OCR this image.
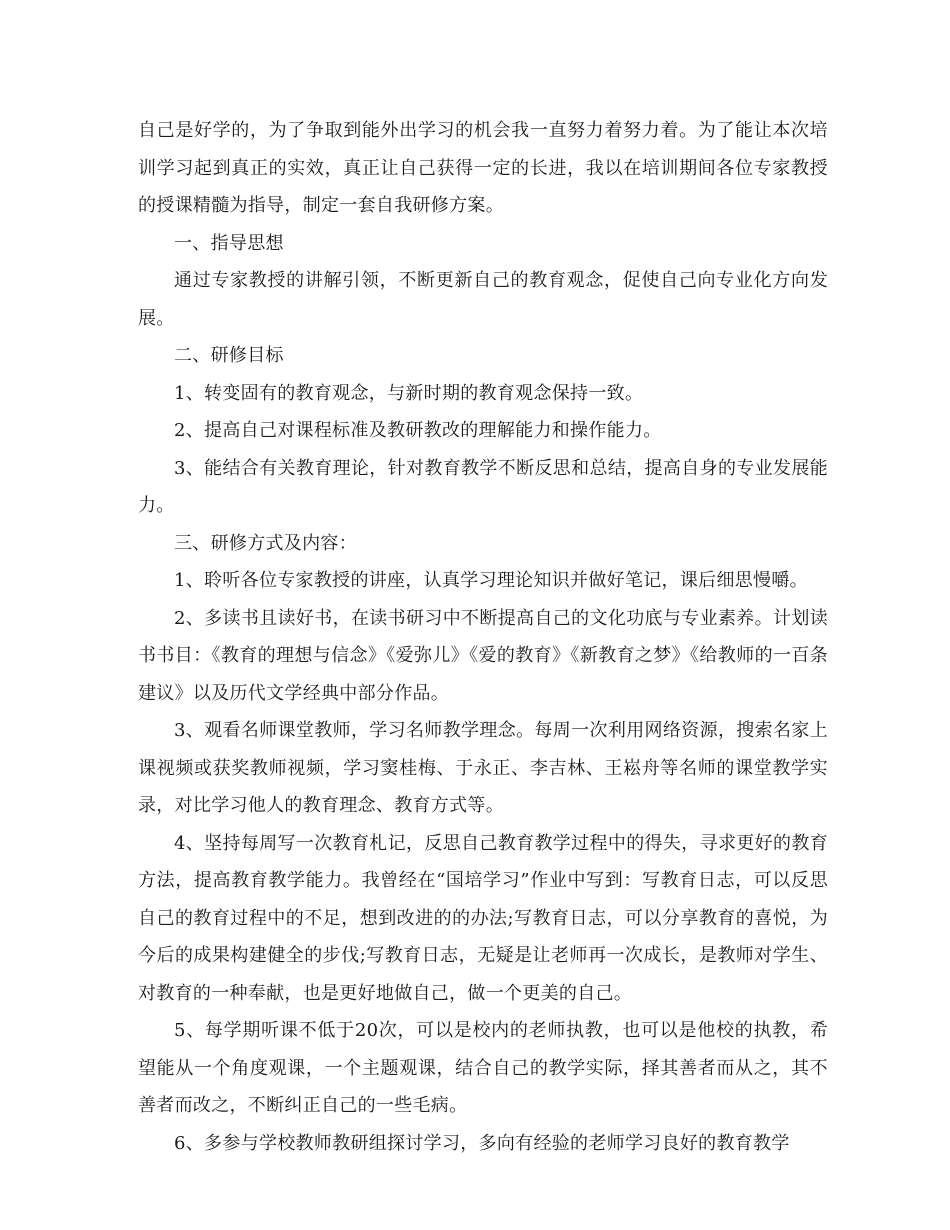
自己是好学的，为了争取到能外出学习的机会我一直努力着努力着。为了能让本次培训学习起到真正的实效，真正让自己获得一定的长进，我以在培训期间各位专家教授的授课精髓为指导，制定一套自我研修方案。

一、指导思想

通过专家教授的讲解引领，不断更新自己的教育观念，促使自己向专业化方向发展。

二、研修目标

1、转变固有的教育观念，与新时期的教育观念保持一致。

2、提高自己对课程标准及教研教改的理解能力和操作能力。

3、能结合有关教育理论，针对教育教学不断反思和总结，提高自身的专业发展能力。

三、研修方式及内容：

1、聆听各位专家教授的讲座，认真学习理论知识并做好笔记，课后细思慢嚼。

2、多读书且读好书，在读书研习中不断提高自己的文化功底与专业素养。计划读书书目：《教育的理想与信念》《爱弥儿》《爱的教育》《新教育之梦》《给教师的一百条建议》以及历代文学经典中部分作品。

3、观看名师课堂教师，学习名师教学理念。每周一次利用网络资源，搜索名家上课视频或获奖教师视频，学习窦桂梅、于永正、李吉林、王崧舟等名师的课堂教学实录，对比学习他人的教育理念、教育方式等。

4、坚持每周写一次教育札记，反思自己教育教学过程中的得失，寻求更好的教育方法，提高教育教学能力。我曾经在“国培学习”作业中写到：写教育日志，可以反思自己的教育过程中的不足，想到改进的的办法;写教育日志，可以分享教育的喜悦，为今后的成果构建健全的步伐;写教育日志，无疑是让老师再一次成长，是教师对学生、对教育的一种奉献，也是更好地做自己，做一个更美的自己。

5、每学期听课不低于20次，可以是校内的老师执教，也可以是他校的执教，希望能从一个角度观课，一个主题观课，结合自己的教学实际，择其善者而从之，其不善者而改之，不断纠正自己的一些毛病。

6、多参与学校教师教研组探讨学习，多向有经验的老师学习良好的教育教学
